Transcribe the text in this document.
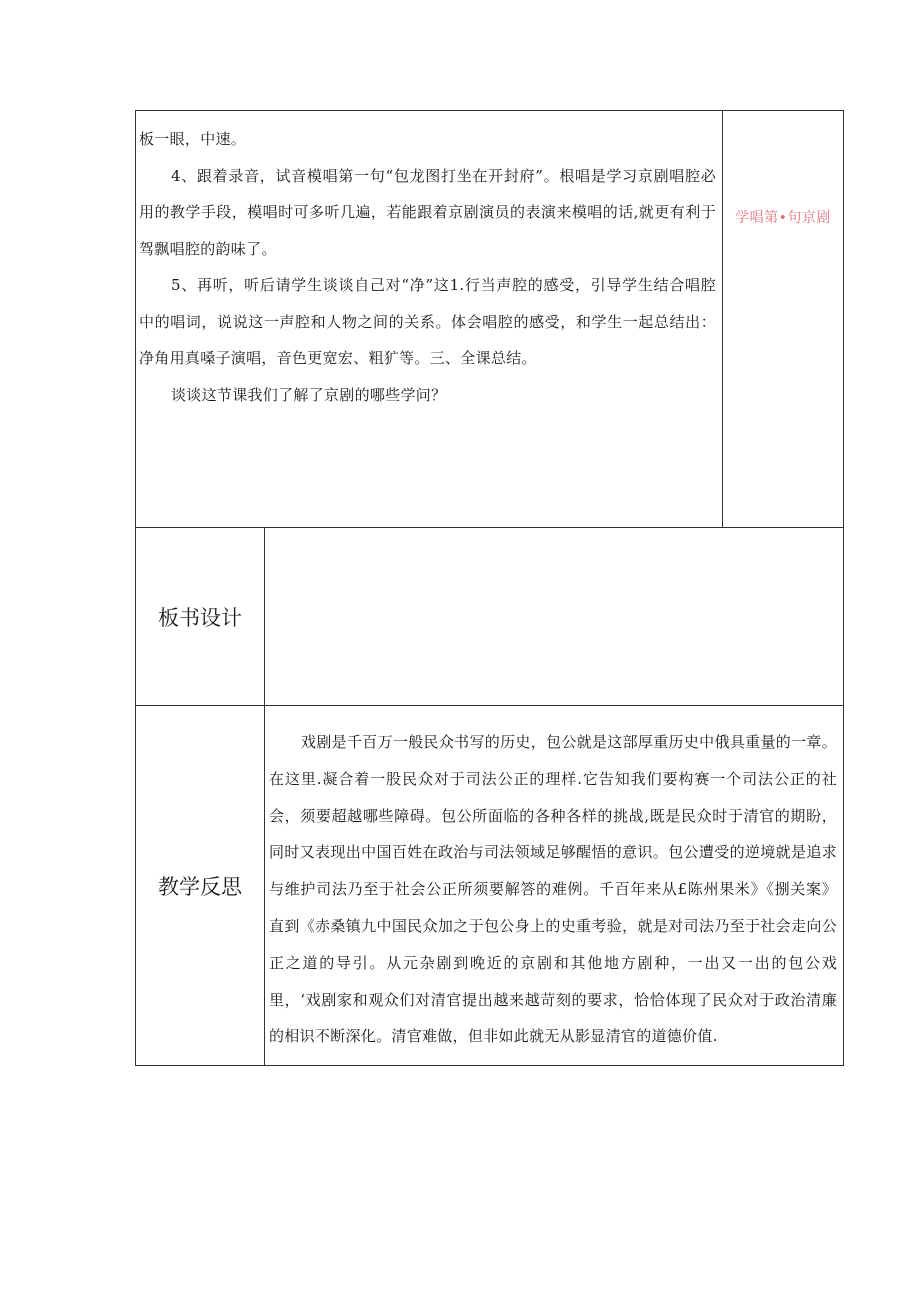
板一眼，中速。

4、跟着录音，试音模唱第一句“包龙图打坐在开封府”。根唱是学习京剧唱腔必用的教学手段，模唱时可多听几遍，若能跟着京剧演员的表演来模唱的话,就更有利于驾飘唱腔的韵味了。

5、再听，听后请学生谈谈自己对“净”这1.行当声腔的感受，引导学生结合唱腔中的唱词，说说这一声腔和人物之间的关系。体会唱腔的感受，和学生一起总结出：净角用真嗓子演唱，音色更宽宏、粗犷等。三、全课总结。

谈谈这节课我们了解了京剧的哪些学问？		学唱第•句京剧

板书设计		
教学反思	戏剧是千百万一般民众书写的历史，包公就是这部厚重历史中俄具重量的一章。在这里.凝合着一股民众对于司法公正的理样.它告知我们要构赛一个司法公正的社会，须要超越哪些障碍。包公所面临的各种各样的挑战,既是民众时于清官的期盼，同时又表现出中国百姓在政治与司法领域足够醒悟的意识。包公遭受的逆境就是追求与维护司法乃至于社会公正所须要解答的难例。千百年来从£陈州果米》《捌关案》直到《赤桑镇九中国民众加之于包公身上的史重考验，就是对司法乃至于社会走向公正之道的导引。从元杂剧到晚近的京剧和其他地方剧种，一出又一出的包公戏里，‘戏剧家和观众们对清官提出越来越苛刻的要求，恰恰体现了民众对于政治清廉的相识不断深化。清官难做，但非如此就无从影显清官的道德价值.	
